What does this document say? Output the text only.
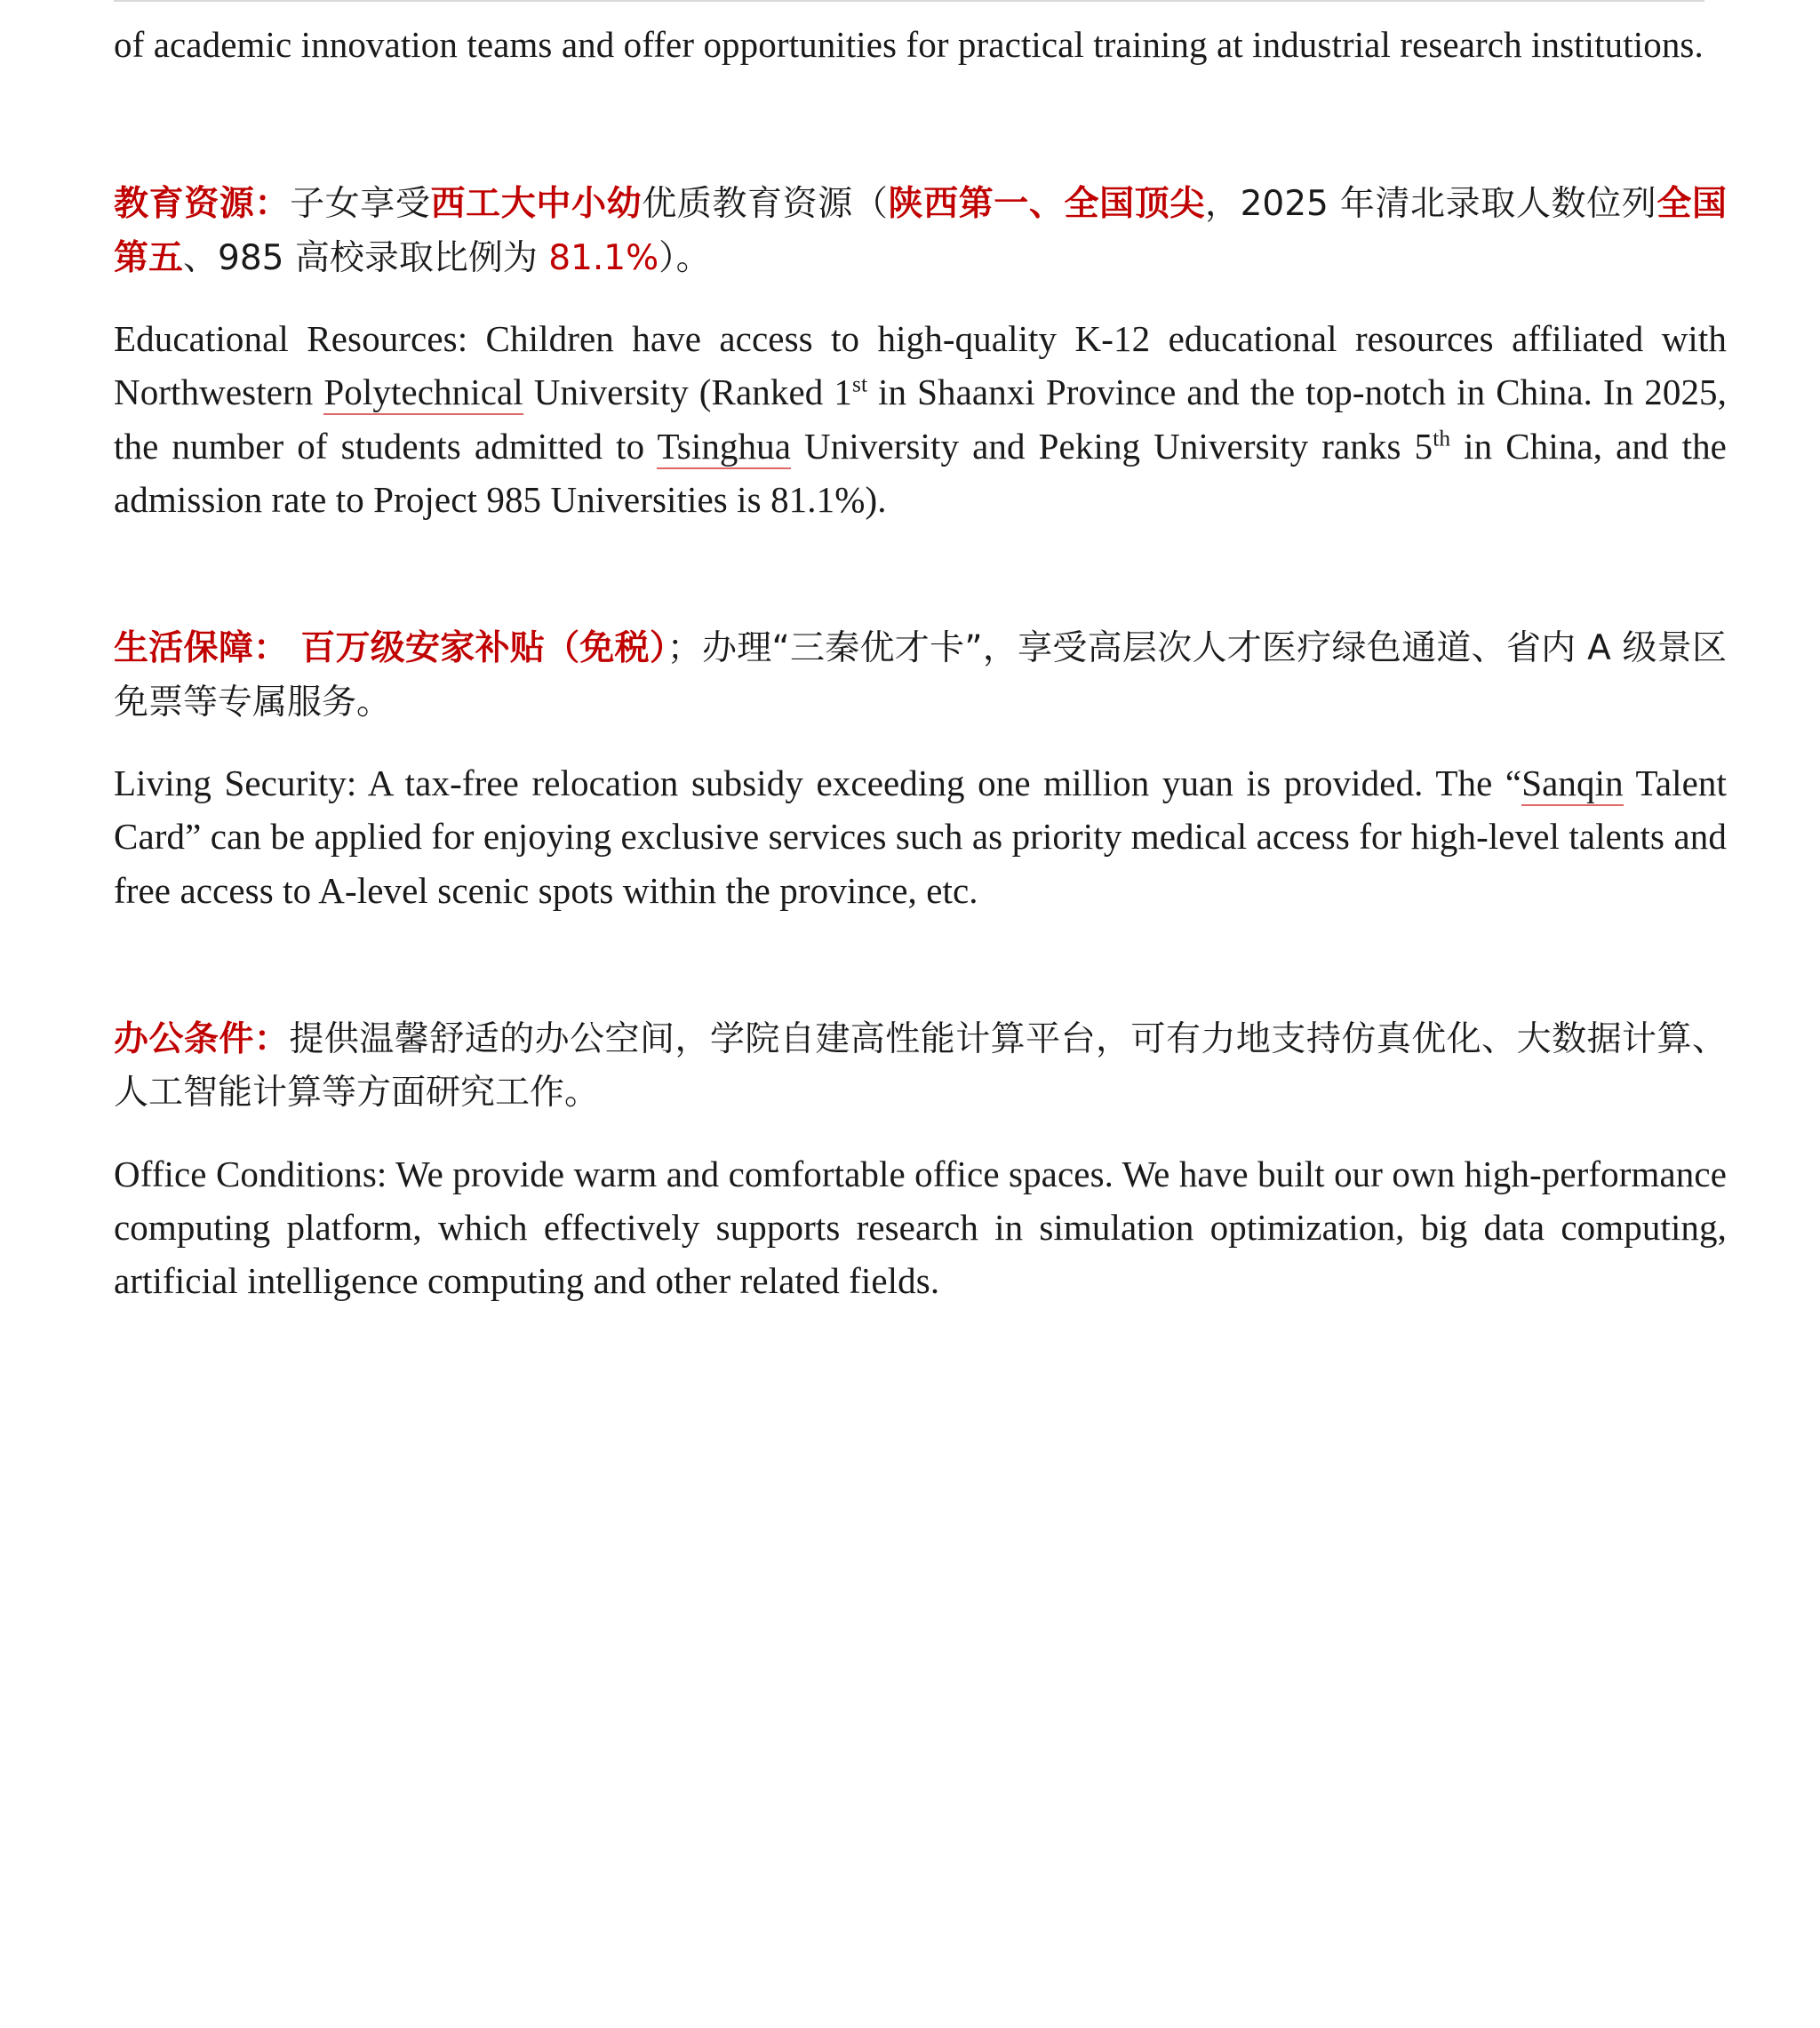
of academic innovation teams and offer opportunities for practical training at industrial research institutions.

教育资源：子女享受西工大中小幼优质教育资源（陕西第一、全国顶尖，2025 年清北录取人数位列全国第五、985 高校录取比例为 81.1%）。

Educational Resources: Children have access to high-quality K-12 educational resources affiliated with Northwestern Polytechnical University (Ranked 1st in Shaanxi Province and the top-notch in China. In 2025, the number of students admitted to Tsinghua University and Peking University ranks 5th in China, and the admission rate to Project 985 Universities is 81.1%).

生活保障： 百万级安家补贴（免税）；办理“三秦优才卡”，享受高层次人才医疗绿色通道、省内 A 级景区免票等专属服务。

Living Security: A tax-free relocation subsidy exceeding one million yuan is provided. The “Sanqin Talent Card” can be applied for enjoying exclusive services such as priority medical access for high-level talents and free access to A-level scenic spots within the province, etc.

办公条件：提供温馨舒适的办公空间，学院自建高性能计算平台，可有力地支持仿真优化、大数据计算、人工智能计算等方面研究工作。

Office Conditions: We provide warm and comfortable office spaces. We have built our own high-performance computing platform, which effectively supports research in simulation optimization, big data computing, artificial intelligence computing and other related fields.
